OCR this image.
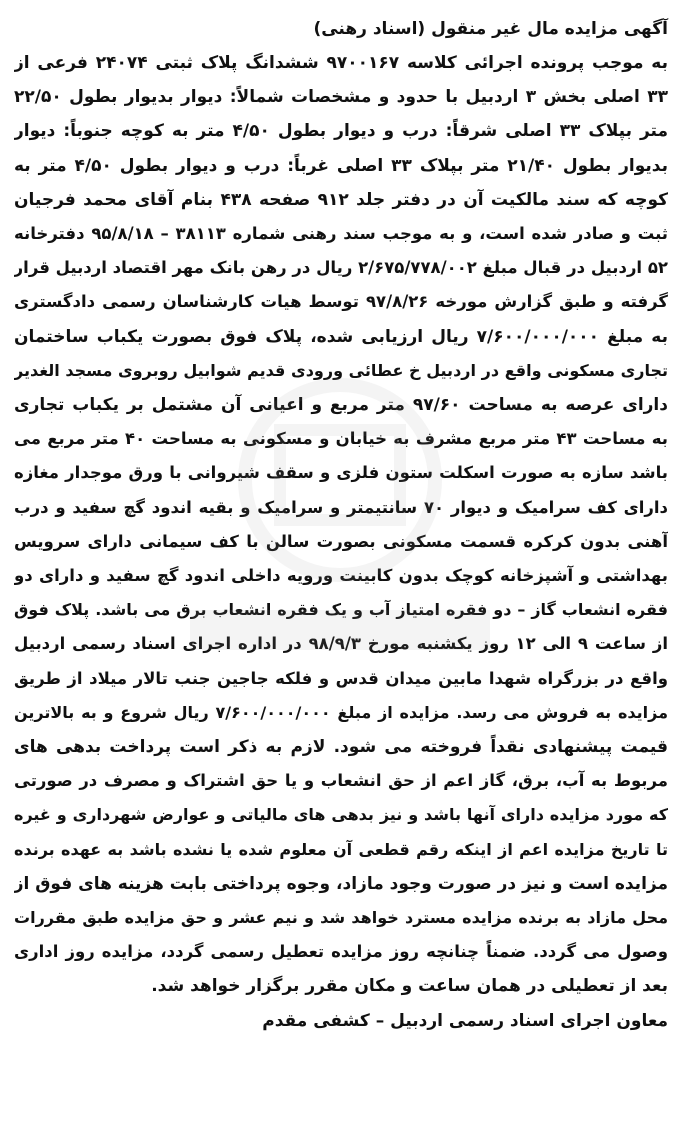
آگهی مزایده مال غیر منقول (اسناد رهنی)
به موجب پرونده اجرائی کلاسه ۹۷۰۰۱۶۷ ششدانگ پلاک ثبتی ۲۴۰۷۴ فرعی از
۳۳ اصلی بخش ۳ اردبیل با حدود و مشخصات شمالاً: دیوار بدیوار بطول ۲۲/۵۰
متر بپلاک ۳۳ اصلی شرقاً: درب و دیوار بطول ۴/۵۰ متر به کوچه جنوباً: دیوار
بدیوار بطول ۲۱/۴۰ متر بپلاک ۳۳ اصلی غرباً: درب و دیوار بطول ۴/۵۰ متر به
کوچه که سند مالکیت آن در دفتر جلد ۹۱۲ صفحه ۴۳۸ بنام آقای محمد فرجیان
ثبت و صادر شده است، و به موجب سند رهنی شماره ۳۸۱۱۳ – ۹۵/۸/۱۸ دفترخانه
۵۲ اردبیل در قبال مبلغ ۲/۶۷۵/۷۷۸/۰۰۲ ریال در رهن بانک مهر اقتصاد اردبیل قرار
گرفته و طبق گزارش مورخه ۹۷/۸/۲۶ توسط هیات کارشناسان رسمی دادگستری
به مبلغ ۷/۶۰۰/۰۰۰/۰۰۰ ریال ارزیابی شده، پلاک فوق بصورت یکباب ساختمان
تجاری مسکونی واقع در اردبیل خ عطائی ورودی قدیم شوابیل روبروی مسجد الغدیر
دارای عرصه به مساحت ۹۷/۶۰ متر مربع و اعیانی آن مشتمل بر یکباب تجاری
به مساحت ۴۳ متر مربع مشرف به خیابان و مسکونی به مساحت ۴۰ متر مربع می
باشد سازه به صورت اسکلت ستون فلزی و سقف شیروانی با ورق موجدار مغازه
دارای کف سرامیک و دیوار ۷۰ سانتیمتر و سرامیک و بقیه اندود گچ سفید و درب
آهنی بدون کرکره قسمت مسکونی بصورت سالن با کف سیمانی دارای سرویس
بهداشتی و آشپزخانه کوچک بدون کابینت ورویه داخلی اندود گچ سفید و دارای دو
فقره انشعاب گاز – دو فقره امتیاز آب و یک فقره انشعاب برق می باشد. پلاک فوق
از ساعت ۹ الی ۱۲ روز یکشنبه مورخ ۹۸/۹/۳ در اداره اجرای اسناد رسمی اردبیل
واقع در بزرگراه شهدا مابین میدان قدس و فلکه جاجین جنب تالار میلاد از طریق
مزایده به فروش می رسد. مزایده از مبلغ ۷/۶۰۰/۰۰۰/۰۰۰ ریال شروع و به بالاترین
قیمت پیشنهادی نقداً فروخته می شود. لازم به ذکر است پرداخت بدهی های
مربوط به آب، برق، گاز اعم از حق انشعاب و یا حق اشتراک و مصرف در صورتی
که مورد مزایده دارای آنها باشد و نیز بدهی های مالیاتی و عوارض شهرداری و غیره
تا تاریخ مزایده اعم از اینکه رقم قطعی آن معلوم شده یا نشده باشد به عهده برنده
مزایده است و نیز در صورت وجود مازاد، وجوه پرداختی بابت هزینه های فوق از
محل مازاد به برنده مزایده مسترد خواهد شد و نیم عشر و حق مزایده طبق مقررات
وصول می گردد. ضمناً چنانچه روز مزایده تعطیل رسمی گردد، مزایده روز اداری
بعد از تعطیلی در همان ساعت و مکان مقرر برگزار خواهد شد.
معاون اجرای اسناد رسمی اردبیل – کشفی مقدم
